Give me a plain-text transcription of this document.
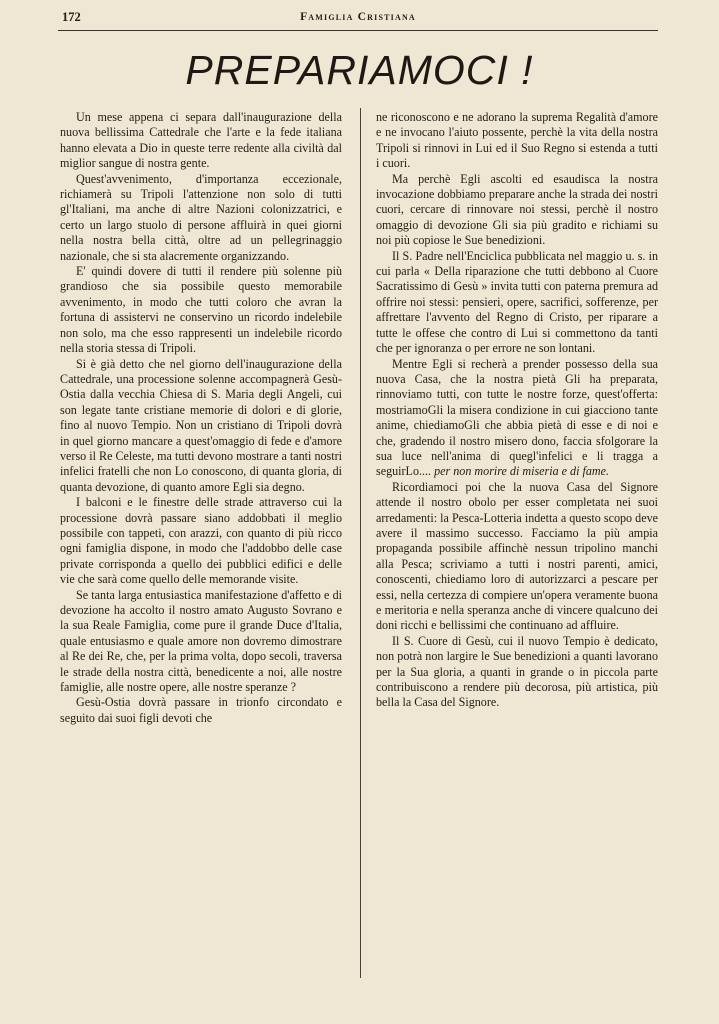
172	Famiglia Cristiana
PREPARIAMOCI !

Un mese appena ci separa dall'inaugurazione della nuova bellissima Cattedrale che l'arte e la fede italiana hanno elevata a Dio in queste terre redente alla civiltà dal miglior sangue di nostra gente.

Quest'avvenimento, d'importanza eccezionale, richiamerà su Tripoli l'attenzione non solo di tutti gl'Italiani, ma anche di altre Nazioni colonizzatrici, e certo un largo stuolo di persone affluirà in quei giorni nella nostra bella città, oltre ad un pellegrinaggio nazionale, che si sta alacremente organizzando.

E' quindi dovere di tutti il rendere più solenne più grandioso che sia possibile questo memorabile avvenimento, in modo che tutti coloro che avran la fortuna di assistervi ne conservino un ricordo indelebile non solo, ma che esso rappresenti un indelebile ricordo nella storia stessa di Tripoli.

Si è già detto che nel giorno dell'inaugurazione della Cattedrale, una processione solenne accompagnerà Gesù-Ostia dalla vecchia Chiesa di S. Maria degli Angeli, cui son legate tante cristiane memorie di dolori e di glorie, fino al nuovo Tempio. Non un cristiano di Tripoli dovrà in quel giorno mancare a quest'omaggio di fede e d'amore verso il Re Celeste, ma tutti devono mostrare a tanti nostri infelici fratelli che non Lo conoscono, di quanta gloria, di quanta devozione, di quanto amore Egli sia degno.

I balconi e le finestre delle strade attraverso cui la processione dovrà passare siano addobbati il meglio possibile con tappeti, con arazzi, con quanto di più ricco ogni famiglia dispone, in modo che l'addobbo delle case private corrisponda a quello dei pubblici edifici e delle vie che sarà come quello delle memorande visite.

Se tanta larga entusiastica manifestazione d'affetto e di devozione ha accolto il nostro amato Augusto Sovrano e la sua Reale Famiglia, come pure il grande Duce d'Italia, quale entusiasmo e quale amore non dovremo dimostrare al Re dei Re, che, per la prima volta, dopo secoli, traversa le strade della nostra città, benedicente a noi, alle nostre famiglie, alle nostre opere, alle nostre speranze ?

Gesù-Ostia dovrà passare in trionfo circondato e seguito dai suoi figli devoti che

ne riconoscono e ne adorano la suprema Regalità d'amore e ne invocano l'aiuto possente, perchè la vita della nostra Tripoli si rinnovi in Lui ed il Suo Regno si estenda a tutti i cuori.

Ma perchè Egli ascolti ed esaudisca la nostra invocazione dobbiamo preparare anche la strada dei nostri cuori, cercare di rinnovare noi stessi, perchè il nostro omaggio di devozione Gli sia più gradito e richiami su noi più copiose le Sue benedizioni.

Il S. Padre nell'Enciclica pubblicata nel maggio u. s. in cui parla « Della riparazione che tutti debbono al Cuore Sacratissimo di Gesù » invita tutti con paterna premura ad offrire noi stessi: pensieri, opere, sacrifici, sofferenze, per affrettare l'avvento del Regno di Cristo, per riparare a tutte le offese che contro di Lui si commettono da tanti che per ignoranza o per errore ne son lontani.

Mentre Egli si recherà a prender possesso della sua nuova Casa, che la nostra pietà Gli ha preparata, rinnoviamo tutti, con tutte le nostre forze, quest'offerta: mostriamoGli la misera condizione in cui giacciono tante anime, chiediamoGli che abbia pietà di esse e di noi e che, gradendo il nostro misero dono, faccia sfolgorare la sua luce nell'anima di quegl'infelici e li tragga a seguirLo.... per non morire di miseria e di fame.

Ricordiamoci poi che la nuova Casa del Signore attende il nostro obolo per esser completata nei suoi arredamenti: la Pesca-Lotteria indetta a questo scopo deve avere il massimo successo. Facciamo la più ampia propaganda possibile affinchè nessun tripolino manchi alla Pesca; scriviamo a tutti i nostri parenti, amici, conoscenti, chiediamo loro di autorizzarci a pescare per essi, nella certezza di compiere un'opera veramente buona e meritoria e nella speranza anche di vincere qualcuno dei doni ricchi e bellissimi che continuano ad affluire.

Il S. Cuore di Gesù, cui il nuovo Tempio è dedicato, non potrà non largire le Sue benedizioni a quanti lavorano per la Sua gloria, a quanti in grande o in piccola parte contribuiscono a rendere più decorosa, più artistica, più bella la Casa del Signore.
